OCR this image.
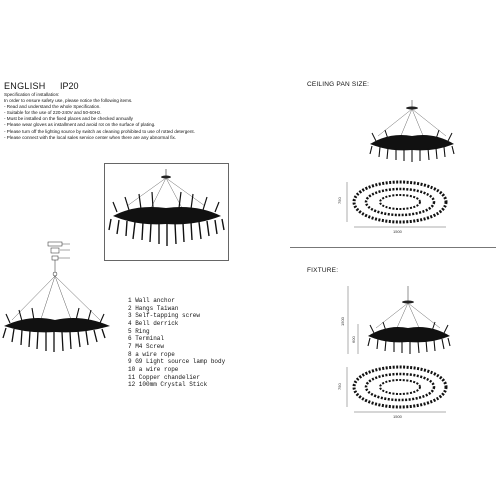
ENGLISH IP20
Specification of installation:
In order to ensure safety use, please notice the following items.
- Read and understand the whole Specification.
- Suitable for the use of 220-240V and 50-60Hz.
- Must be installed on the fixed places and be checked annually
- Please wear gloves as installment and avoid rot on the surface of plating.
- Please turn off the lighting source by switch as cleaning prohibited to use of rotted detergent.
- Please connect with the local sales service center when there are any abnormal fix.
CEILING PAN SIZE:
FIXTURE:
1 Wall anchor
2 Hangs Taiwan
3 Self-tapping screw
4 Bell derrick
5 Ring
6 Terminal
7 M4 Screw
8 a wire rope
9 G9 Light source lamp body
10 a wire rope
11 Copper chandelier
12 100mm Crystal Stick
750
1500
1500
600
750
1500
